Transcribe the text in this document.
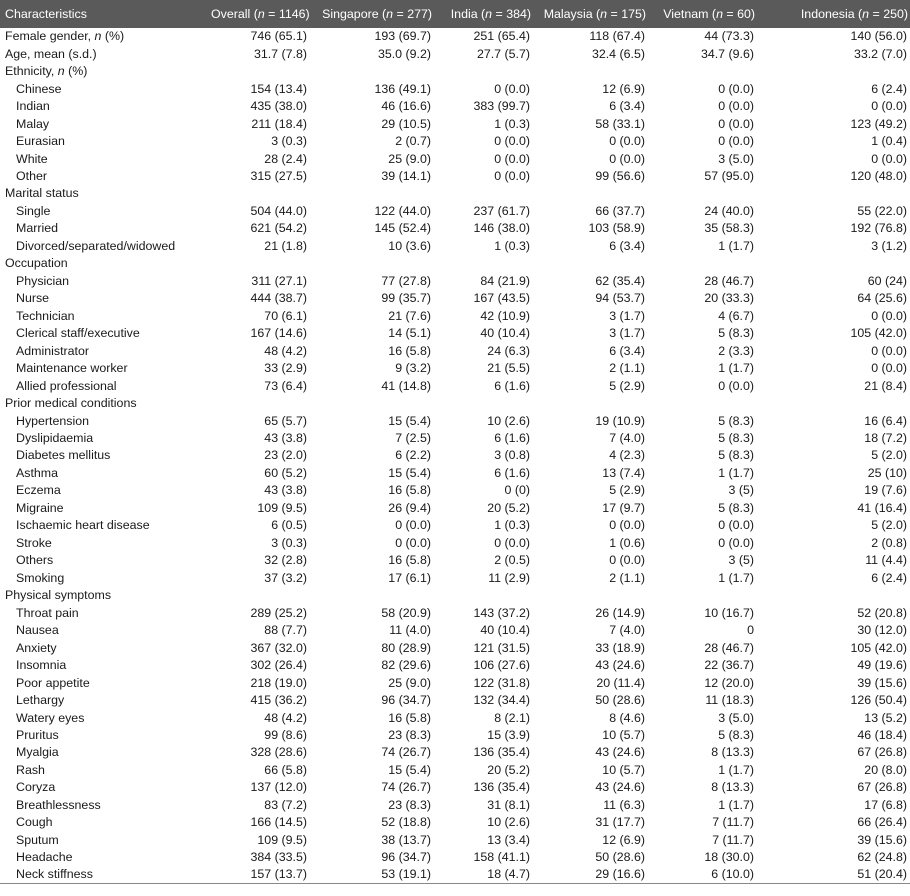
Characteristics	Overall (n = 1146)	Singapore (n = 277)	India (n = 384)	Malaysia (n = 175)	Vietnam (n = 60)	Indonesia (n = 250)
Female gender, n (%)	746 (65.1)	193 (69.7)	251 (65.4)	118 (67.4)	44 (73.3)	140 (56.0)
Age, mean (s.d.)	31.7 (7.8)	35.0 (9.2)	27.7 (5.7)	32.4 (6.5)	34.7 (9.6)	33.2 (7.0)
Ethnicity, n (%)						
Chinese	154 (13.4)	136 (49.1)	0 (0.0)	12 (6.9)	0 (0.0)	6 (2.4)
Indian	435 (38.0)	46 (16.6)	383 (99.7)	6 (3.4)	0 (0.0)	0 (0.0)
Malay	211 (18.4)	29 (10.5)	1 (0.3)	58 (33.1)	0 (0.0)	123 (49.2)
Eurasian	3 (0.3)	2 (0.7)	0 (0.0)	0 (0.0)	0 (0.0)	1 (0.4)
White	28 (2.4)	25 (9.0)	0 (0.0)	0 (0.0)	3 (5.0)	0 (0.0)
Other	315 (27.5)	39 (14.1)	0 (0.0)	99 (56.6)	57 (95.0)	120 (48.0)
Marital status						
Single	504 (44.0)	122 (44.0)	237 (61.7)	66 (37.7)	24 (40.0)	55 (22.0)
Married	621 (54.2)	145 (52.4)	146 (38.0)	103 (58.9)	35 (58.3)	192 (76.8)
Divorced/separated/widowed	21 (1.8)	10 (3.6)	1 (0.3)	6 (3.4)	1 (1.7)	3 (1.2)
Occupation						
Physician	311 (27.1)	77 (27.8)	84 (21.9)	62 (35.4)	28 (46.7)	60 (24)
Nurse	444 (38.7)	99 (35.7)	167 (43.5)	94 (53.7)	20 (33.3)	64 (25.6)
Technician	70 (6.1)	21 (7.6)	42 (10.9)	3 (1.7)	4 (6.7)	0 (0.0)
Clerical staff/executive	167 (14.6)	14 (5.1)	40 (10.4)	3 (1.7)	5 (8.3)	105 (42.0)
Administrator	48 (4.2)	16 (5.8)	24 (6.3)	6 (3.4)	2 (3.3)	0 (0.0)
Maintenance worker	33 (2.9)	9 (3.2)	21 (5.5)	2 (1.1)	1 (1.7)	0 (0.0)
Allied professional	73 (6.4)	41 (14.8)	6 (1.6)	5 (2.9)	0 (0.0)	21 (8.4)
Prior medical conditions						
Hypertension	65 (5.7)	15 (5.4)	10 (2.6)	19 (10.9)	5 (8.3)	16 (6.4)
Dyslipidaemia	43 (3.8)	7 (2.5)	6 (1.6)	7 (4.0)	5 (8.3)	18 (7.2)
Diabetes mellitus	23 (2.0)	6 (2.2)	3 (0.8)	4 (2.3)	5 (8.3)	5 (2.0)
Asthma	60 (5.2)	15 (5.4)	6 (1.6)	13 (7.4)	1 (1.7)	25 (10)
Eczema	43 (3.8)	16 (5.8)	0 (0)	5 (2.9)	3 (5)	19 (7.6)
Migraine	109 (9.5)	26 (9.4)	20 (5.2)	17 (9.7)	5 (8.3)	41 (16.4)
Ischaemic heart disease	6 (0.5)	0 (0.0)	1 (0.3)	0 (0.0)	0 (0.0)	5 (2.0)
Stroke	3 (0.3)	0 (0.0)	0 (0.0)	1 (0.6)	0 (0.0)	2 (0.8)
Others	32 (2.8)	16 (5.8)	2 (0.5)	0 (0.0)	3 (5)	11 (4.4)
Smoking	37 (3.2)	17 (6.1)	11 (2.9)	2 (1.1)	1 (1.7)	6 (2.4)
Physical symptoms						
Throat pain	289 (25.2)	58 (20.9)	143 (37.2)	26 (14.9)	10 (16.7)	52 (20.8)
Nausea	88 (7.7)	11 (4.0)	40 (10.4)	7 (4.0)	0	30 (12.0)
Anxiety	367 (32.0)	80 (28.9)	121 (31.5)	33 (18.9)	28 (46.7)	105 (42.0)
Insomnia	302 (26.4)	82 (29.6)	106 (27.6)	43 (24.6)	22 (36.7)	49 (19.6)
Poor appetite	218 (19.0)	25 (9.0)	122 (31.8)	20 (11.4)	12 (20.0)	39 (15.6)
Lethargy	415 (36.2)	96 (34.7)	132 (34.4)	50 (28.6)	11 (18.3)	126 (50.4)
Watery eyes	48 (4.2)	16 (5.8)	8 (2.1)	8 (4.6)	3 (5.0)	13 (5.2)
Pruritus	99 (8.6)	23 (8.3)	15 (3.9)	10 (5.7)	5 (8.3)	46 (18.4)
Myalgia	328 (28.6)	74 (26.7)	136 (35.4)	43 (24.6)	8 (13.3)	67 (26.8)
Rash	66 (5.8)	15 (5.4)	20 (5.2)	10 (5.7)	1 (1.7)	20 (8.0)
Coryza	137 (12.0)	74 (26.7)	136 (35.4)	43 (24.6)	8 (13.3)	67 (26.8)
Breathlessness	83 (7.2)	23 (8.3)	31 (8.1)	11 (6.3)	1 (1.7)	17 (6.8)
Cough	166 (14.5)	52 (18.8)	10 (2.6)	31 (17.7)	7 (11.7)	66 (26.4)
Sputum	109 (9.5)	38 (13.7)	13 (3.4)	12 (6.9)	7 (11.7)	39 (15.6)
Headache	384 (33.5)	96 (34.7)	158 (41.1)	50 (28.6)	18 (30.0)	62 (24.8)
Neck stiffness	157 (13.7)	53 (19.1)	18 (4.7)	29 (16.6)	6 (10.0)	51 (20.4)
